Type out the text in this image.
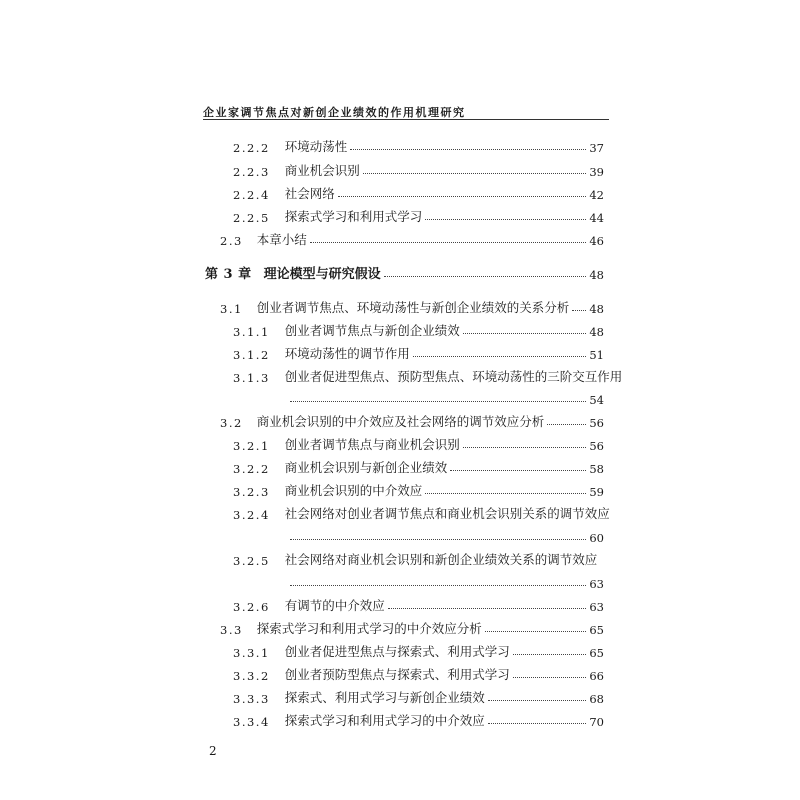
企业家调节焦点对新创企业绩效的作用机理研究
2.2.2 环境动荡性	37
2.2.3 商业机会识别	39
2.2.4 社会网络	42
2.2.5 探索式学习和利用式学习	44
2.3 本章小结	46
第 3 章 理论模型与研究假设	48
3.1 创业者调节焦点、环境动荡性与新创企业绩效的关系分析 48
3.1.1 创业者调节焦点与新创企业绩效	48
3.1.2 环境动荡性的调节作用	51
3.1.3 创业者促进型焦点、预防型焦点、环境动荡性的三阶交互作用
54
3.2 商业机会识别的中介效应及社会网络的调节效应分析	56
3.2.1 创业者调节焦点与商业机会识别	56
3.2.2 商业机会识别与新创企业绩效	58
3.2.3 商业机会识别的中介效应	59
3.2.4 社会网络对创业者调节焦点和商业机会识别关系的调节效应
60
3.2.5 社会网络对商业机会识别和新创企业绩效关系的调节效应
63
3.2.6 有调节的中介效应	63
3.3 探索式学习和利用式学习的中介效应分析	65
3.3.1 创业者促进型焦点与探索式、利用式学习	65
3.3.2 创业者预防型焦点与探索式、利用式学习	66
3.3.3 探索式、利用式学习与新创企业绩效	68
3.3.4 探索式学习和利用式学习的中介效应	70
2
